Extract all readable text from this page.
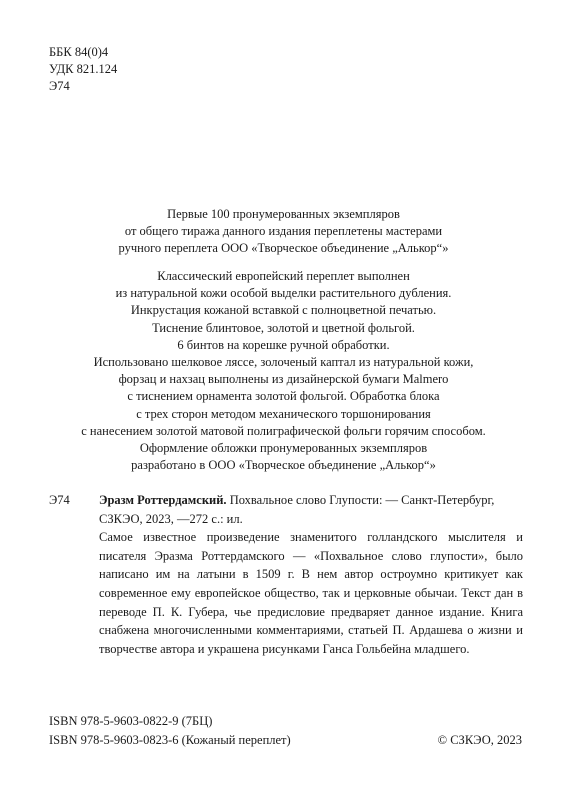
ББК 84(0)4
УДК 821.124
Э74
Первые 100 пронумерованных экземпляров
от общего тиража данного издания переплетены мастерами
ручного переплета ООО «Творческое объединение „Алькор“»
Классический европейский переплет выполнен
из натуральной кожи особой выделки растительного дубления.
Инкрустация кожаной вставкой с полноцветной печатью.
Тиснение блинтовое, золотой и цветной фольгой.
6 бинтов на корешке ручной обработки.
Использовано шелковое ляссе, золоченый каптал из натуральной кожи,
форзац и нахзац выполнены из дизайнерской бумаги Malmero
с тиснением орнамента золотой фольгой. Обработка блока
с трех сторон методом механического торшонирования
с нанесением золотой матовой полиграфической фольги горячим способом.
Оформление обложки пронумерованных экземпляров
разработано в ООО «Творческое объединение „Алькор“»
Э74	Эразм Роттердамский. Похвальное слово Глупости: — Санкт-Петербург,
СЗКЭО, 2023, —272 с.: ил.
Самое известное произведение знаменитого голландского мыслителя и писателя Эразма Роттердамского — «Похвальное слово глупости», было написано им на латыни в 1509 г. В нем автор остроумно критикует как современное ему европейское общество, так и церковные обычаи. Текст дан в переводе П. К. Губера, чье предисловие предваряет данное издание. Книга снабжена многочисленными комментариями, статьей П. Ардашева о жизни и творчестве автора и украшена рисунками Ганса Гольбейна младшего.
ISBN 978-5-9603-0822-9 (7БЦ)
ISBN 978-5-9603-0823-6 (Кожаный переплет)	© СЗКЭО, 2023
